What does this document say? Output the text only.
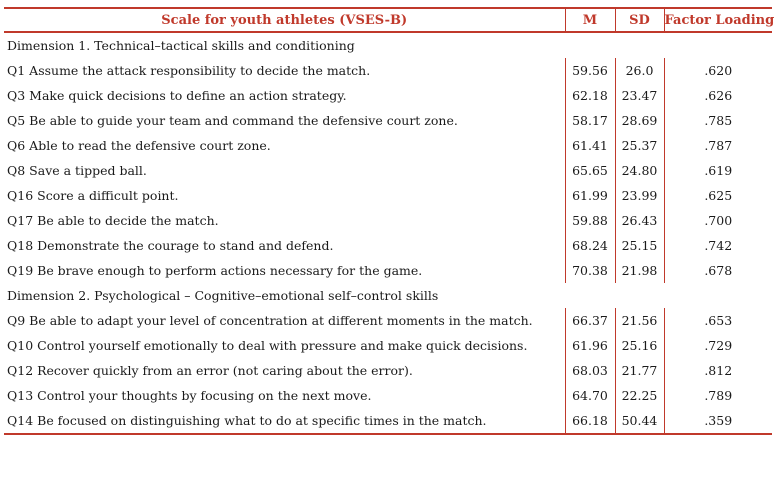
Scale for youth athletes (VSES-B)	M	SD	Factor Loading
Dimension 1. Technical–tactical skills and conditioning			
Q1 Assume the attack responsibility to decide the match.	59.56	26.0	.620
Q3 Make quick decisions to define an action strategy.	62.18	23.47	.626
Q5 Be able to guide your team and command the defensive court zone.	58.17	28.69	.785
Q6 Able to read the defensive court zone.	61.41	25.37	.787
Q8 Save a tipped ball.	65.65	24.80	.619
Q16 Score a difficult point.	61.99	23.99	.625
Q17 Be able to decide the match.	59.88	26.43	.700
Q18 Demonstrate the courage to stand and defend.	68.24	25.15	.742
Q19 Be brave enough to perform actions necessary for the game.	70.38	21.98	.678
Dimension 2. Psychological – Cognitive–emotional self–control skills			
Q9 Be able to adapt your level of concentration at different moments in the match.	66.37	21.56	.653
Q10 Control yourself emotionally to deal with pressure and make quick decisions.	61.96	25.16	.729
Q12 Recover quickly from an error (not caring about the error).	68.03	21.77	.812
Q13 Control your thoughts by focusing on the next move.	64.70	22.25	.789
Q14 Be focused on distinguishing what to do at specific times in the match.	66.18	50.44	.359
